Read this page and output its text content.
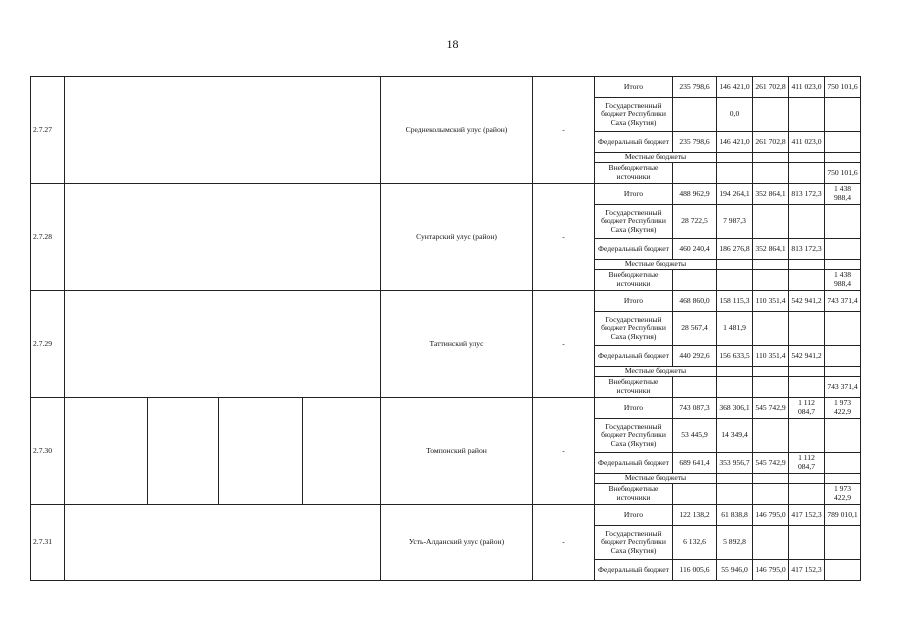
18
2.7.27					Среднеколымский улус (район)	-	Итого	235 798,6	146 421,0	261 702,8	411 023,0	750 101,6
							Государственный бюджет Республики Саха (Якутия)		0,0			
							Федеральный бюджет	235 798,6	146 421,0	261 702,8	411 023,0	
							Местные бюджеты					
							Внебюджетные источники					750 101,6
2.7.28					Сунтарский улус (район)	-	Итого	488 962,9	194 264,1	352 864,1	813 172,3	1 438 988,4
							Государственный бюджет Республики Саха (Якутия)	28 722,5	7 987,3			
							Федеральный бюджет	460 240,4	186 276,8	352 864,1	813 172,3	
							Местные бюджеты					
							Внебюджетные источники					1 438 988,4
2.7.29					Таттинский улус	-	Итого	468 860,0	158 115,3	110 351,4	542 941,2	743 371,4
							Государственный бюджет Республики Саха (Якутия)	28 567,4	1 481,9			
							Федеральный бюджет	440 292,6	156 633,5	110 351,4	542 941,2	
							Местные бюджеты					
							Внебюджетные источники					743 371,4
2.7.30					Томпонский район	-	Итого	743 087,3	368 306,1	545 742,9	1 112 084,7	1 973 422,9
							Государственный бюджет Республики Саха (Якутия)	53 445,9	14 349,4			
							Федеральный бюджет	689 641,4	353 956,7	545 742,9	1 112 084,7	
							Местные бюджеты					
							Внебюджетные источники					1 973 422,9
2.7.31					Усть-Алданский улус (район)	-	Итого	122 138,2	61 838,8	146 795,0	417 152,3	789 010,1
							Государственный бюджет Республики Саха (Якутия)	6 132,6	5 892,8			
							Федеральный бюджет	116 005,6	55 946,0	146 795,0	417 152,3	
